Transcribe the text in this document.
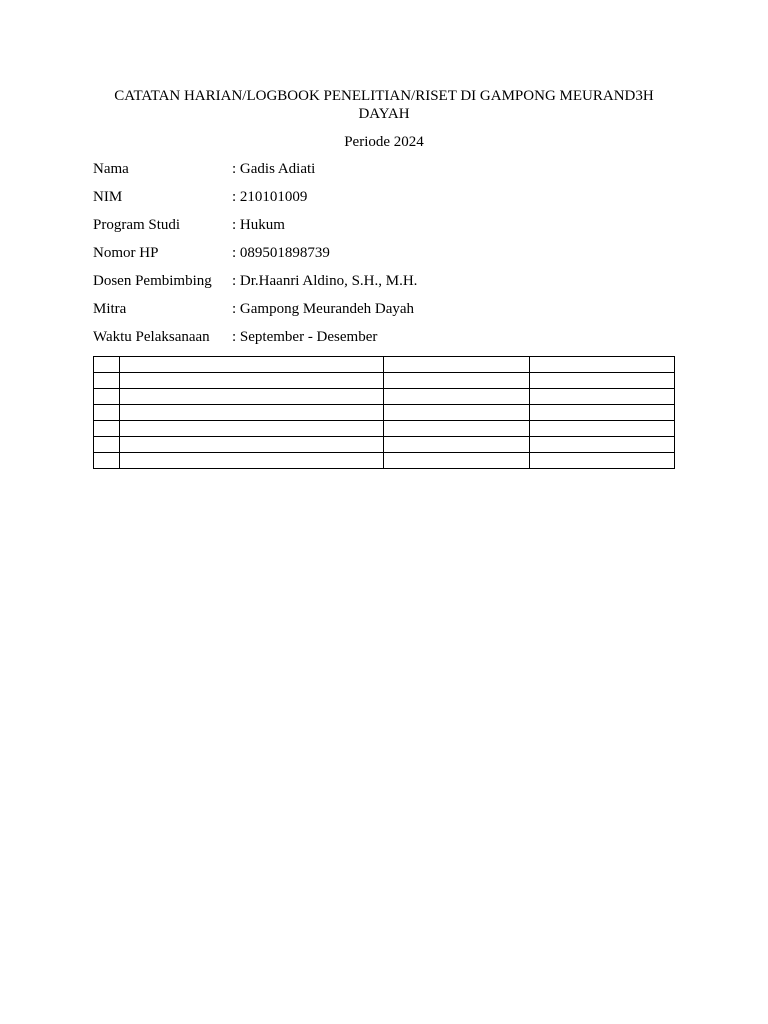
CATATAN HARIAN/LOGBOOK PENELITIAN/RISET DI GAMPONG MEURAND3H DAYAH
Periode 2024
Nama	: Gadis Adiati
NIM	: 210101009
Program Studi	: Hukum
Nomor HP	: 089501898739
Dosen Pembimbing	: Dr.Haanri Aldino, S.H., M.H.
Mitra	: Gampong Meurandeh Dayah
Waktu Pelaksanaan	: September - Desember
